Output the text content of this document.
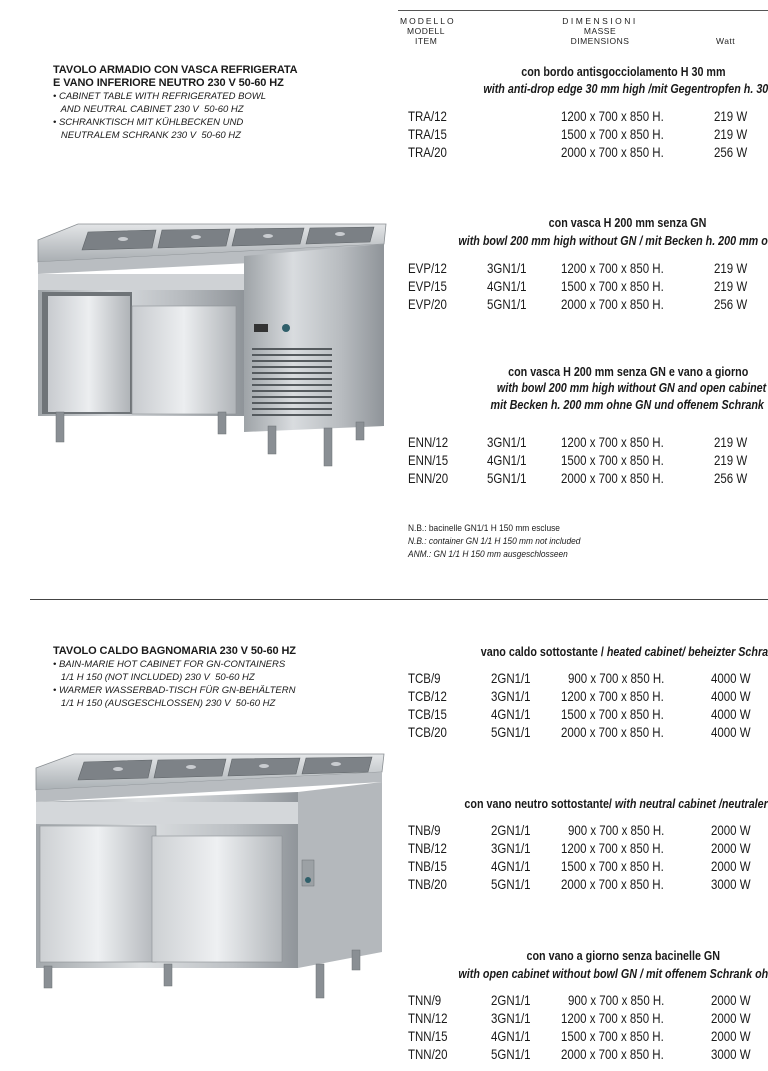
MODELLO
MODELL
ITEM
DIMENSIONI
MASSE
DIMENSIONS	Watt
TAVOLO ARMADIO CON VASCA REFRIGERATA
E VANO INFERIORE NEUTRO 230 V 50-60 HZ
• CABINET TABLE WITH REFRIGERATED BOWL
AND NEUTRAL CABINET 230 V  50-60 HZ
• SCHRANKTISCH MIT KÜHLBECKEN UND
NEUTRALEM SCHRANK 230 V  50-60 HZ
con bordo antisgocciolamento H 30 mm
with anti-drop edge 30 mm high /mit Gegentropfen h. 30
TRA/12	1200 x 700 x 850 H.	219 W
TRA/15	1500 x 700 x 850 H.	219 W
TRA/20	2000 x 700 x 850 H.	256 W
con vasca H 200 mm senza GN
with bowl 200 mm high without GN / mit Becken h. 200 mm o
EVP/12	3GN1/1 1200 x 700 x 850 H.	219 W
EVP/15	4GN1/1 1500 x 700 x 850 H.	219 W
EVP/20	5GN1/1 2000 x 700 x 850 H.	256 W
con vasca H 200 mm senza GN e vano a giorno
with bowl 200 mm high without GN and open cabinet
mit Becken h. 200 mm ohne GN und offenem Schrank
ENN/12	3GN1/1 1200 x 700 x 850 H.	219 W
ENN/15	4GN1/1 1500 x 700 x 850 H.	219 W
ENN/20	5GN1/1 2000 x 700 x 850 H.	256 W
N.B.: bacinelle GN1/1 H 150 mm escluse
N.B.: container GN 1/1 H 150 mm not included
ANM.: GN 1/1 H 150 mm ausgeschlosseen
TAVOLO CALDO BAGNOMARIA 230 V 50-60 HZ
• BAIN-MARIE HOT CABINET FOR GN-CONTAINERS
1/1 H 150 (NOT INCLUDED) 230 V  50-60 HZ
• WARMER WASSERBAD-TISCH FÜR GN-BEHÄLTERN
1/1 H 150 (AUSGESCHLOSSEN) 230 V  50-60 HZ
vano caldo sottostante / heated cabinet/ beheizter Schra
TCB/9	2GN1/1	900 x 700 x 850 H.	4000 W
TCB/12	3GN1/1 1200 x 700 x 850 H.	4000 W
TCB/15	4GN1/1 1500 x 700 x 850 H.	4000 W
TCB/20	5GN1/1 2000 x 700 x 850 H.	4000 W
con vano neutro sottostante/ with neutral cabinet /neutraler
TNB/9	2GN1/1	900 x 700 x 850 H.	2000 W
TNB/12	3GN1/1 1200 x 700 x 850 H.	2000 W
TNB/15	4GN1/1 1500 x 700 x 850 H.	2000 W
TNB/20	5GN1/1 2000 x 700 x 850 H.	3000 W
con vano a giorno senza bacinelle GN
with open cabinet without bowl GN / mit offenem Schrank oh
TNN/9	2GN1/1	900 x 700 x 850 H.	2000 W
TNN/12	3GN1/1 1200 x 700 x 850 H.	2000 W
TNN/15	4GN1/1 1500 x 700 x 850 H.	2000 W
TNN/20	5GN1/1 2000 x 700 x 850 H.	3000 W
